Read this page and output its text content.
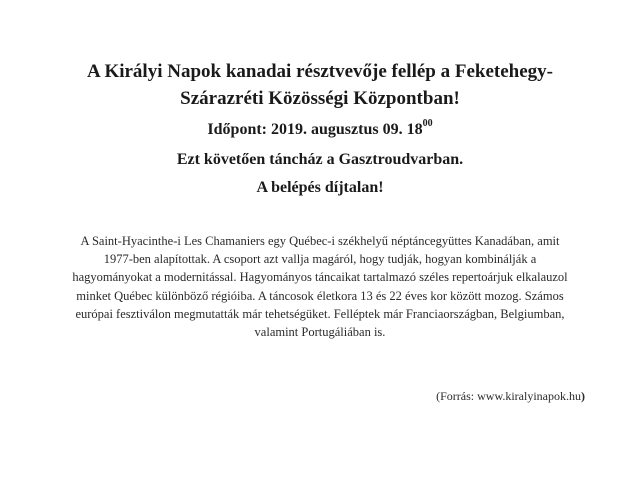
A Királyi Napok kanadai résztvevője fellép a Feketehegy-
Szárazréti Közösségi Központban!

Időpont: 2019. augusztus 09. $18^{00}$

Ezt követően táncház a Gasztroudvarban.

A belépés díjtalan!

A Saint-Hyacinthe-i Les Chamaniers egy Québec-i székhelyű néptáncegyüttes Kanadában, amit
1977-ben alapítottak. A csoport azt vallja magáról, hogy tudják, hogyan kombinálják a
hagyományokat a modernitással. Hagyományos táncaikat tartalmazó széles repertoárjuk elkalauzol
minket Québec különböző régióiba. A táncosok életkora 13 és 22 éves kor között mozog. Számos
európai fesztiválon megmutatták már tehetségüket. Felléptek már Franciaországban, Belgiumban,
valamint Portugáliában is.

(Forrás: www.kiralyinapok.hu)
